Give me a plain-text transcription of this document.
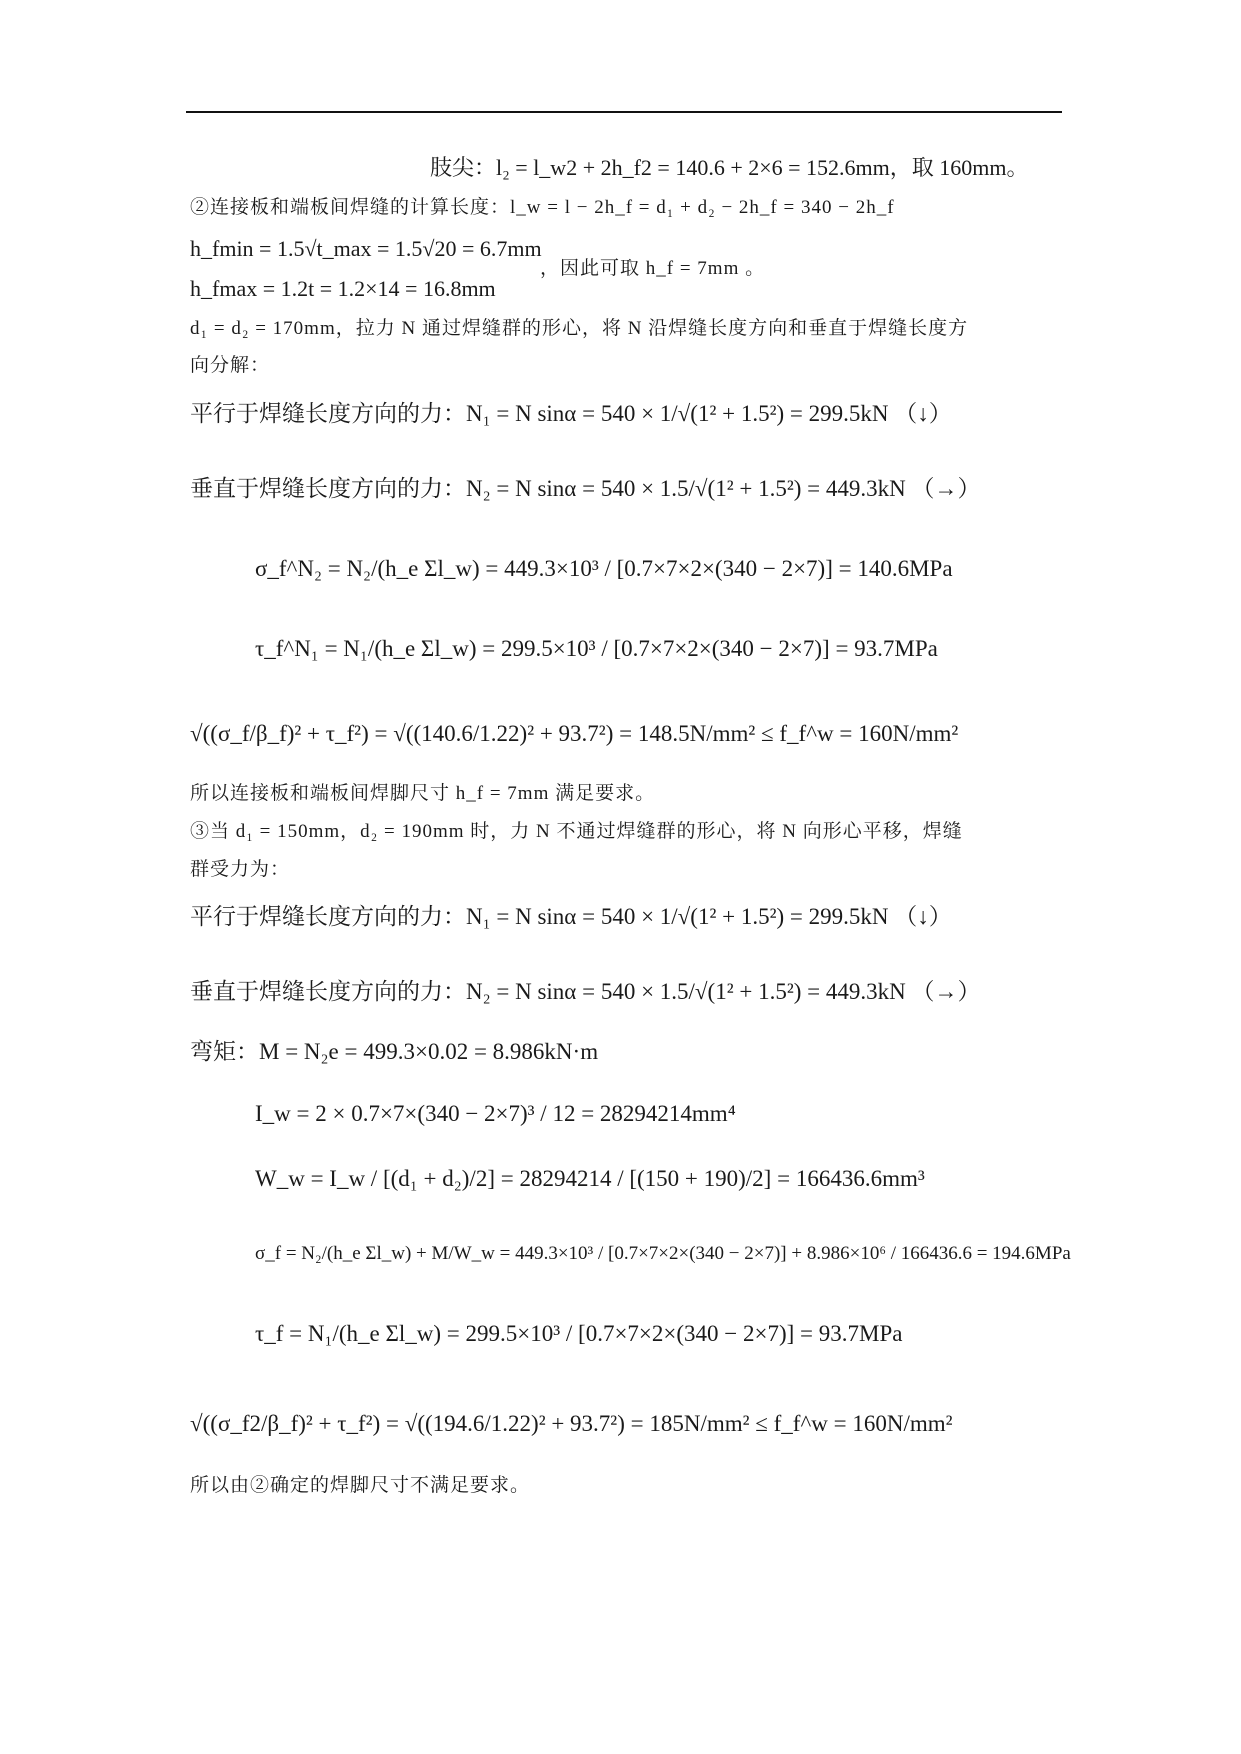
肢尖：l₂ = l_w2 + 2h_f2 = 140.6 + 2×6 = 152.6mm，取 160mm。
②连接板和端板间焊缝的计算长度：l_w = l − 2h_f = d₁ + d₂ − 2h_f = 340 − 2h_f
h_fmin = 1.5√t_max = 1.5√20 = 6.7mm
，因此可取 h_f = 7mm 。
h_fmax = 1.2t = 1.2×14 = 16.8mm
d₁ = d₂ = 170mm，拉力 N 通过焊缝群的形心，将 N 沿焊缝长度方向和垂直于焊缝长度方
向分解：
平行于焊缝长度方向的力：N₁ = N sinα = 540 × 1/√(1² + 1.5²) = 299.5kN （↓）
垂直于焊缝长度方向的力：N₂ = N sinα = 540 × 1.5/√(1² + 1.5²) = 449.3kN （→）
σ_f^N₂ = N₂/(h_e Σl_w) = 449.3×10³ / [0.7×7×2×(340 − 2×7)] = 140.6MPa
τ_f^N₁ = N₁/(h_e Σl_w) = 299.5×10³ / [0.7×7×2×(340 − 2×7)] = 93.7MPa
√((σ_f/β_f)² + τ_f²) = √((140.6/1.22)² + 93.7²) = 148.5N/mm² ≤ f_f^w = 160N/mm²
所以连接板和端板间焊脚尺寸 h_f = 7mm 满足要求。
③当 d₁ = 150mm，d₂ = 190mm 时，力 N 不通过焊缝群的形心，将 N 向形心平移，焊缝
群受力为：
平行于焊缝长度方向的力：N₁ = N sinα = 540 × 1/√(1² + 1.5²) = 299.5kN （↓）
垂直于焊缝长度方向的力：N₂ = N sinα = 540 × 1.5/√(1² + 1.5²) = 449.3kN （→）
弯矩：M = N₂e = 499.3×0.02 = 8.986kN·m
I_w = 2 × 0.7×7×(340 − 2×7)³ / 12 = 28294214mm⁴
W_w = I_w / [(d₁ + d₂)/2] = 28294214 / [(150 + 190)/2] = 166436.6mm³
σ_f = N₂/(h_e Σl_w) + M/W_w = 449.3×10³ / [0.7×7×2×(340 − 2×7)] + 8.986×10⁶ / 166436.6 = 194.6MPa
τ_f = N₁/(h_e Σl_w) = 299.5×10³ / [0.7×7×2×(340 − 2×7)] = 93.7MPa
√((σ_f2/β_f)² + τ_f²) = √((194.6/1.22)² + 93.7²) = 185N/mm² ≤ f_f^w = 160N/mm²
所以由②确定的焊脚尺寸不满足要求。
